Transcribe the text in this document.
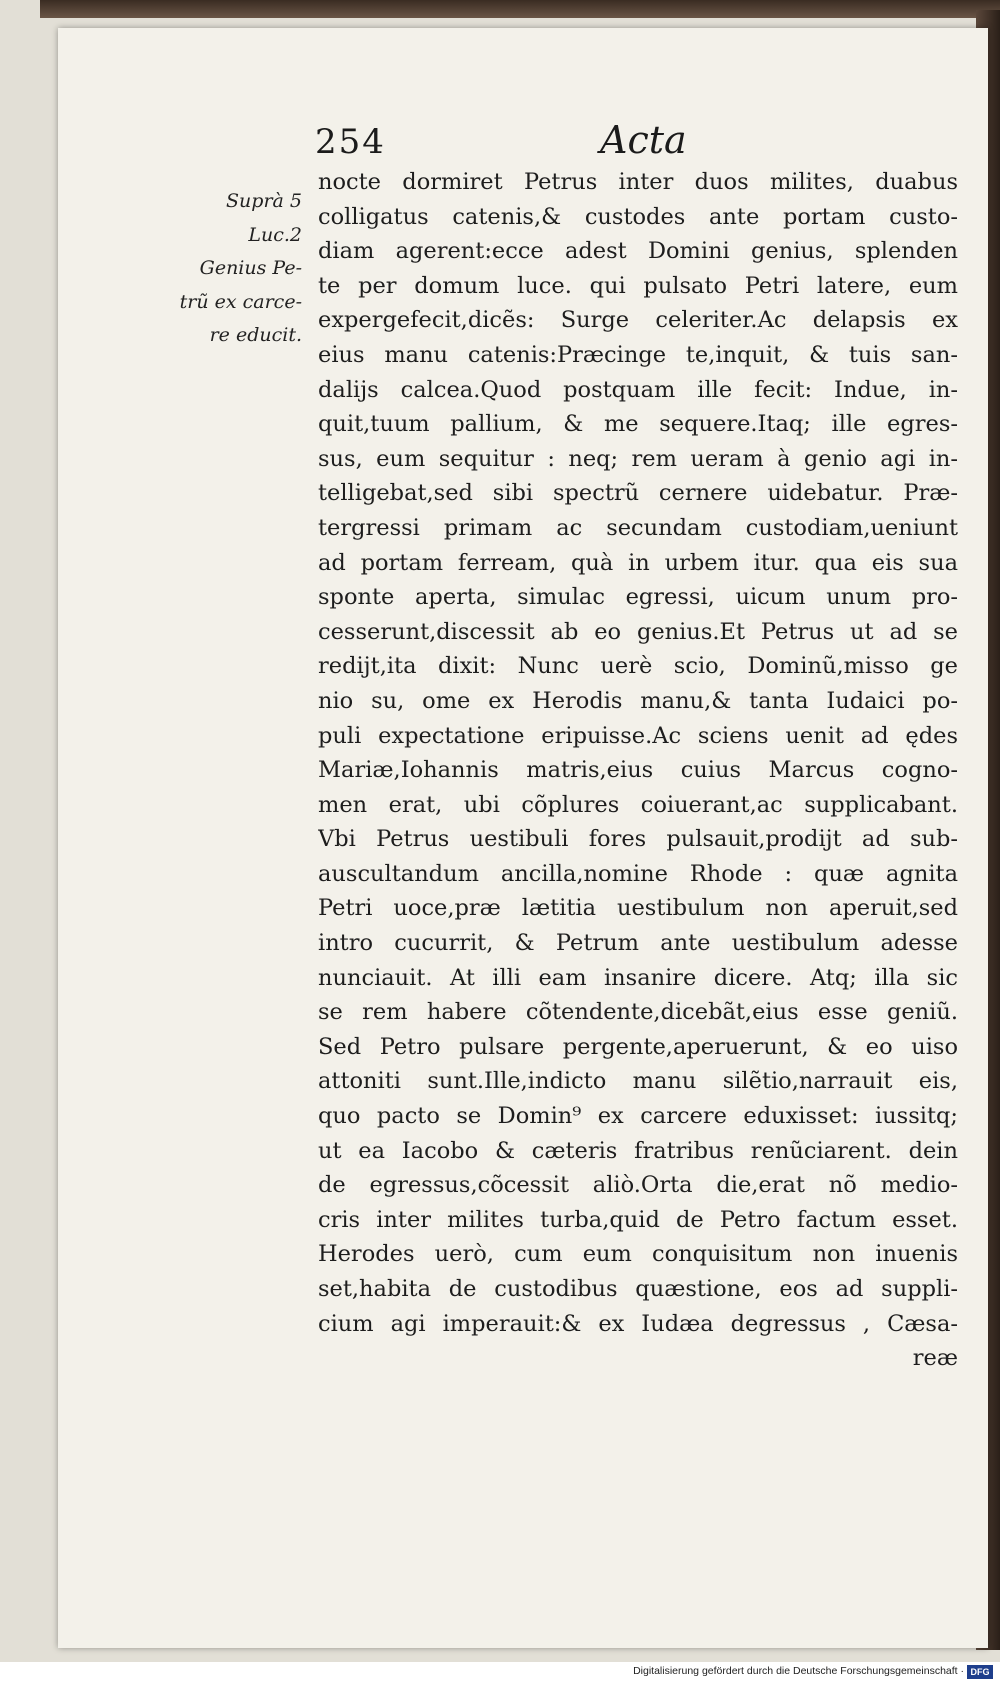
254	Acta
Suprà 5
Luc.2
Genius Pe-
trũ ex carce-
re educit.
nocte dormiret Petrus inter duos milites, duabus
colligatus catenis,& custodes ante portam custo-
diam agerent:ecce adest Domini genius, splenden
te per domum luce. qui pulsato Petri latere, eum
expergefecit,dicẽs: Surge celeriter.Ac delapsis ex
eius manu catenis:Præcinge te,inquit, & tuis san-
dalijs calcea.Quod postquam ille fecit: Indue, in-
quit,tuum pallium, & me sequere.Itaq; ille egres-
sus, eum sequitur : neq; rem ueram à genio agi in-
telligebat,sed sibi spectrũ cernere uidebatur. Præ-
tergressi primam ac secundam custodiam,ueniunt
ad portam ferream, quà in urbem itur. qua eis sua
sponte aperta, simulac egressi, uicum unum pro-
cesserunt,discessit ab eo genius.Et Petrus ut ad se
redijt,ita dixit: Nunc uerè scio, Dominũ,misso ge
nio su, ome ex Herodis manu,& tanta Iudaici po-
puli expectatione eripuisse.Ac sciens uenit ad ędes
Mariæ,Iohannis matris,eius cuius Marcus cogno-
men erat, ubi cõplures coiuerant,ac supplicabant.
Vbi Petrus uestibuli fores pulsauit,prodijt ad sub-
auscultandum ancilla,nomine Rhode : quæ agnita
Petri uoce,præ lætitia uestibulum non aperuit,sed
intro cucurrit, & Petrum ante uestibulum adesse
nunciauit. At illi eam insanire dicere. Atq; illa sic
se rem habere cõtendente,dicebãt,eius esse geniũ.
Sed Petro pulsare pergente,aperuerunt, & eo uiso
attoniti sunt.Ille,indicto manu silẽtio,narrauit eis,
quo pacto se Domin⁹ ex carcere eduxisset: iussitq;
ut ea Iacobo & cæteris fratribus renũciarent. dein
de egressus,cõcessit aliò.Orta die,erat nõ medio-
cris inter milites turba,quid de Petro factum esset.
Herodes uerò, cum eum conquisitum non inuenis
set,habita de custodibus quæstione, eos ad suppli-
cium agi imperauit:& ex Iudæa degressus , Cæsa-
reæ
Digitalisierung gefördert durch die Deutsche Forschungsgemeinschaft · DFG
